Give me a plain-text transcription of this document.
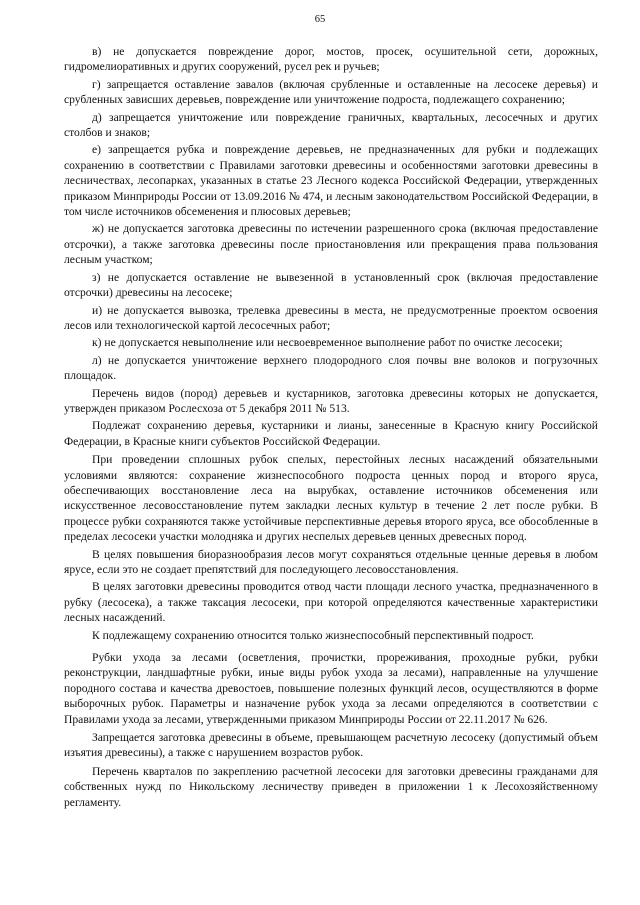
65

в) не допускается повреждение дорог, мостов, просек, осушительной сети, дорожных, гидромелиоративных и других сооружений, русел рек и ручьев;

г) запрещается оставление завалов (включая срубленные и оставленные на лесосеке деревья) и срубленных зависших деревьев, повреждение или уничтожение подроста, подлежащего сохранению;

д) запрещается уничтожение или повреждение граничных, квартальных, лесосечных и других столбов и знаков;

е) запрещается рубка и повреждение деревьев, не предназначенных для рубки и подлежащих сохранению в соответствии с Правилами заготовки древесины и особенностями заготовки древесины в лесничествах, лесопарках, указанных в статье 23 Лесного кодекса Российской Федерации, утвержденных приказом Минприроды России от 13.09.2016 № 474, и лесным законодательством Российской Федерации, в том числе источников обсеменения и плюсовых деревьев;

ж) не допускается заготовка древесины по истечении разрешенного срока (включая предоставление отсрочки), а также заготовка древесины после приостановления или прекращения права пользования лесным участком;

з) не допускается оставление не вывезенной в установленный срок (включая предоставление отсрочки) древесины на лесосеке;

и) не допускается вывозка, трелевка древесины в места, не предусмотренные проектом освоения лесов или технологической картой лесосечных работ;

к) не допускается невыполнение или несвоевременное выполнение работ по очистке лесосеки;

л) не допускается уничтожение верхнего плодородного слоя почвы вне волоков и погрузочных площадок.

Перечень видов (пород) деревьев и кустарников, заготовка древесины которых не допускается, утвержден приказом Рослесхоза от 5 декабря 2011 № 513.

Подлежат сохранению деревья, кустарники и лианы, занесенные в Красную книгу Российской Федерации, в Красные книги субъектов Российской Федерации.

При проведении сплошных рубок спелых, перестойных лесных насаждений обязательными условиями являются: сохранение жизнеспособного подроста ценных пород и второго яруса, обеспечивающих восстановление леса на вырубках, оставление источников обсеменения или искусственное лесовосстановление путем закладки лесных культур в течение 2 лет после рубки. В процессе рубки сохраняются также устойчивые перспективные деревья второго яруса, все обособленные в пределах лесосеки участки молодняка и других неспелых деревьев ценных древесных пород.

В целях повышения биоразнообразия лесов могут сохраняться отдельные ценные деревья в любом ярусе, если это не создает препятствий для последующего лесовосстановления.

В целях заготовки древесины проводится отвод части площади лесного участка, предназначенного в рубку (лесосека), а также таксация лесосеки, при которой определяются качественные характеристики лесных насаждений.

К подлежащему сохранению относится только жизнеспособный перспективный подрост.

Рубки ухода за лесами (осветления, прочистки, прореживания, проходные рубки, рубки реконструкции, ландшафтные рубки, иные виды рубок ухода за лесами), направленные на улучшение породного состава и качества древостоев, повышение полезных функций лесов, осуществляются в форме выборочных рубок. Параметры и назначение рубок ухода за лесами определяются в соответствии с Правилами ухода за лесами, утвержденными приказом Минприроды России от 22.11.2017 № 626.

Запрещается заготовка древесины в объеме, превышающем расчетную лесосеку (допустимый объем изъятия древесины), а также с нарушением возрастов рубок.

Перечень кварталов по закреплению расчетной лесосеки для заготовки древесины гражданами для собственных нужд по Никольскому лесничеству приведен в приложении 1 к Лесохозяйственному регламенту.
